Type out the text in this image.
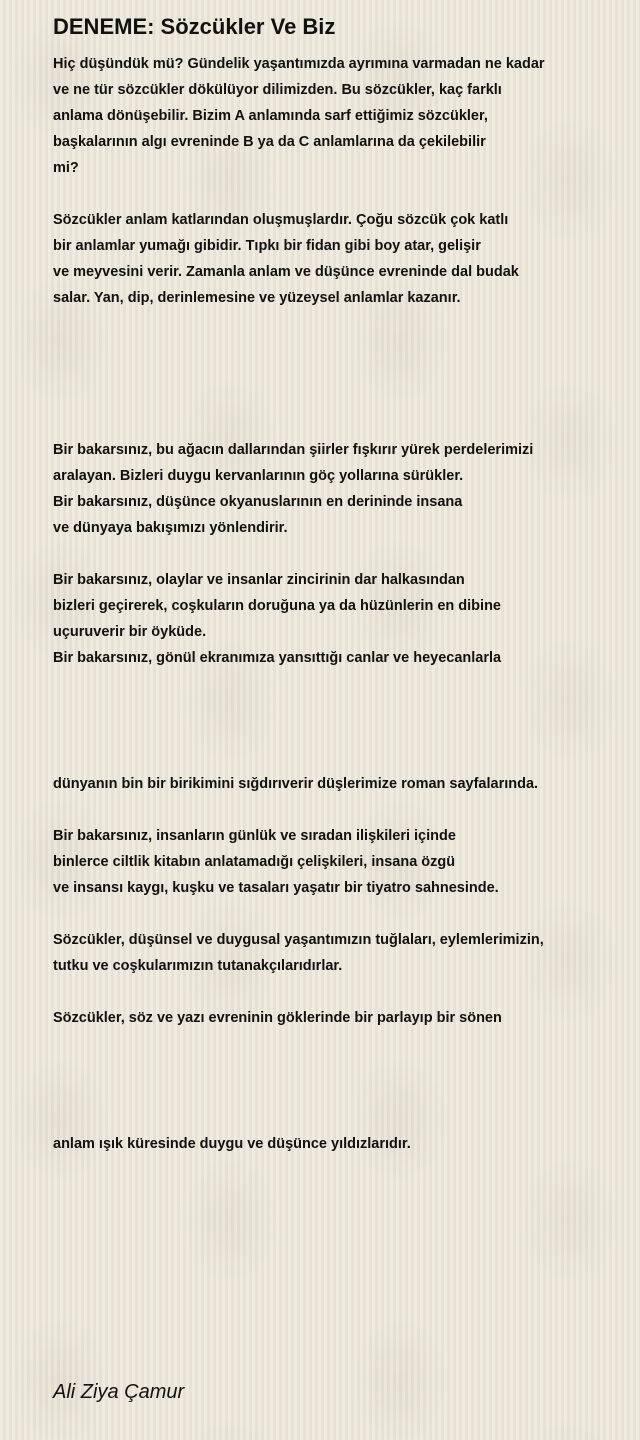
DENEME: Sözcükler Ve Biz
Hiç düşündük mü? Gündelik yaşantımızda ayrımına varmadan ne kadar
ve ne tür sözcükler dökülüyor dilimizden. Bu sözcükler, kaç farklı
anlama dönüşebilir. Bizim A anlamında sarf ettiğimiz sözcükler,
başkalarının algı evreninde B ya da C anlamlarına da çekilebilir
mi?
Sözcükler anlam katlarından oluşmuşlardır. Çoğu sözcük çok katlı
bir anlamlar yumağı gibidir. Tıpkı bir fidan gibi boy atar, gelişir
ve meyvesini verir. Zamanla anlam ve düşünce evreninde dal budak
salar. Yan, dip, derinlemesine ve yüzeysel anlamlar kazanır.
Bir bakarsınız, bu ağacın dallarından şiirler fışkırır yürek perdelerimizi
aralayan. Bizleri duygu kervanlarının göç yollarına sürükler.
Bir bakarsınız, düşünce okyanuslarının en derininde insana
ve dünyaya bakışımızı yönlendirir.
Bir bakarsınız, olaylar ve insanlar zincirinin dar halkasından
bizleri geçirerek, coşkuların doruğuna ya da hüzünlerin en dibine
uçuruverir bir öyküde.
Bir bakarsınız, gönül ekranımıza yansıttığı canlar ve heyecanlarla
dünyanın bin bir birikimini sığdırıverir düşlerimize roman sayfalarında.
Bir bakarsınız, insanların günlük ve sıradan ilişkileri içinde
binlerce ciltlik kitabın anlatamadığı çelişkileri, insana özgü
ve insansı kaygı, kuşku ve tasaları yaşatır bir tiyatro sahnesinde.
Sözcükler, düşünsel ve duygusal yaşantımızın tuğlaları, eylemlerimizin,
tutku ve coşkularımızın tutanakçılarıdırlar.
Sözcükler, söz ve yazı evreninin göklerinde bir parlayıp bir sönen
anlam ışık küresinde duygu ve düşünce yıldızlarıdır.

Ali Ziya Çamur
